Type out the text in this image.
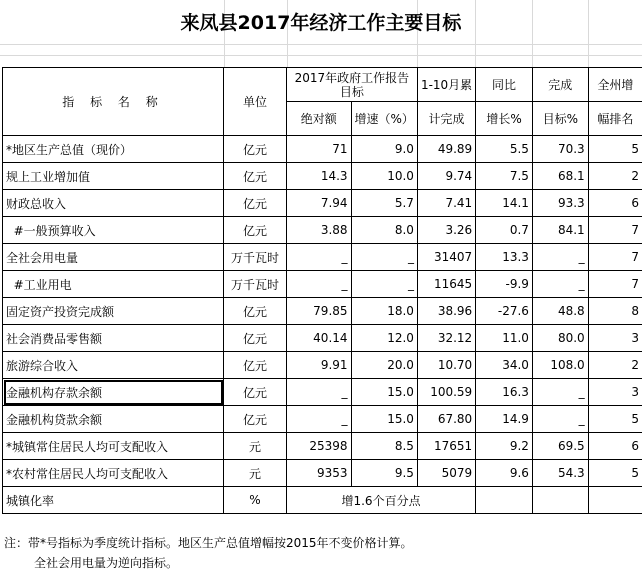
来凤县2017年经济工作主要目标
指 标 名 称	单位	2017年政府工作报告目标		1-10月累	同比	完成	全州增
		绝对额	增速（%）	计完成	增长%	目标%	幅排名
*地区生产总值（现价）	亿元	71	9.0	49.89	5.5	70.3	5
规上工业增加值	亿元	14.3	10.0	9.74	7.5	68.1	2
财政总收入	亿元	7.94	5.7	7.41	14.1	93.3	6
#一般预算收入	亿元	3.88	8.0	3.26	0.7	84.1	7
全社会用电量	万千瓦时	_	_	31407	13.3	_	7
#工业用电	万千瓦时	_	_	11645	-9.9	_	7
固定资产投资完成额	亿元	79.85	18.0	38.96	-27.6	48.8	8
社会消费品零售额	亿元	40.14	12.0	32.12	11.0	80.0	3
旅游综合收入	亿元	9.91	20.0	10.70	34.0	108.0	2
金融机构存款余额	亿元	_	15.0	100.59	16.3	_	3
金融机构贷款余额	亿元	_	15.0	67.80	14.9	_	5
*城镇常住居民人均可支配收入	元	25398	8.5	17651	9.2	69.5	6
*农村常住居民人均可支配收入	元	9353	9.5	5079	9.6	54.3	5
城镇化率	%	增1.6个百分点					
注：带*号指标为季度统计指标。地区生产总值增幅按2015年不变价格计算。
全社会用电量为逆向指标。
